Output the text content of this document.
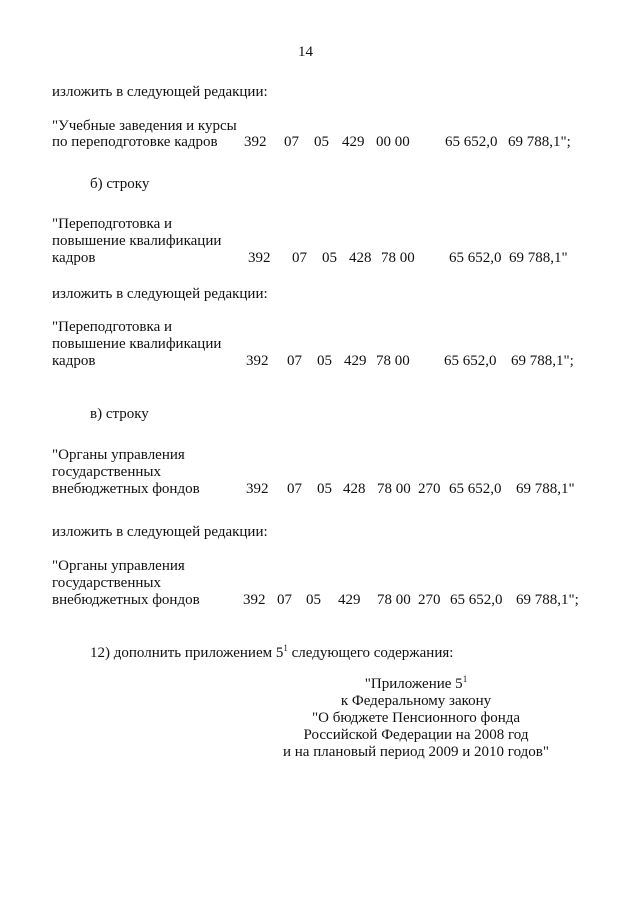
14
изложить в следующей редакции:
"Учебные заведения и курсы
по переподготовке кадров 392 07 05 429 00 00 65 652,0 69 788,1";
б) строку
"Переподготовка и
повышение квалификации
кадров	392 07 05 428 78 00 65 652,0 69 788,1"
изложить в следующей редакции:
"Переподготовка и
повышение квалификации
кадров	392 07 05 429 78 00 65 652,0 69 788,1";
в) строку
"Органы управления
государственных
внебюджетных фондов	392 07 05 428 78 00 270 65 652,0 69 788,1"
изложить в следующей редакции:
"Органы управления
государственных
внебюджетных фондов	392 07 05 429 78 00 270 65 652,0 69 788,1";
12) дополнить приложением $5^1$ следующего содержания:
"Приложение $5^1$
к Федеральному закону
"О бюджете Пенсионного фонда
Российской Федерации на 2008 год
и на плановый период 2009 и 2010 годов"
